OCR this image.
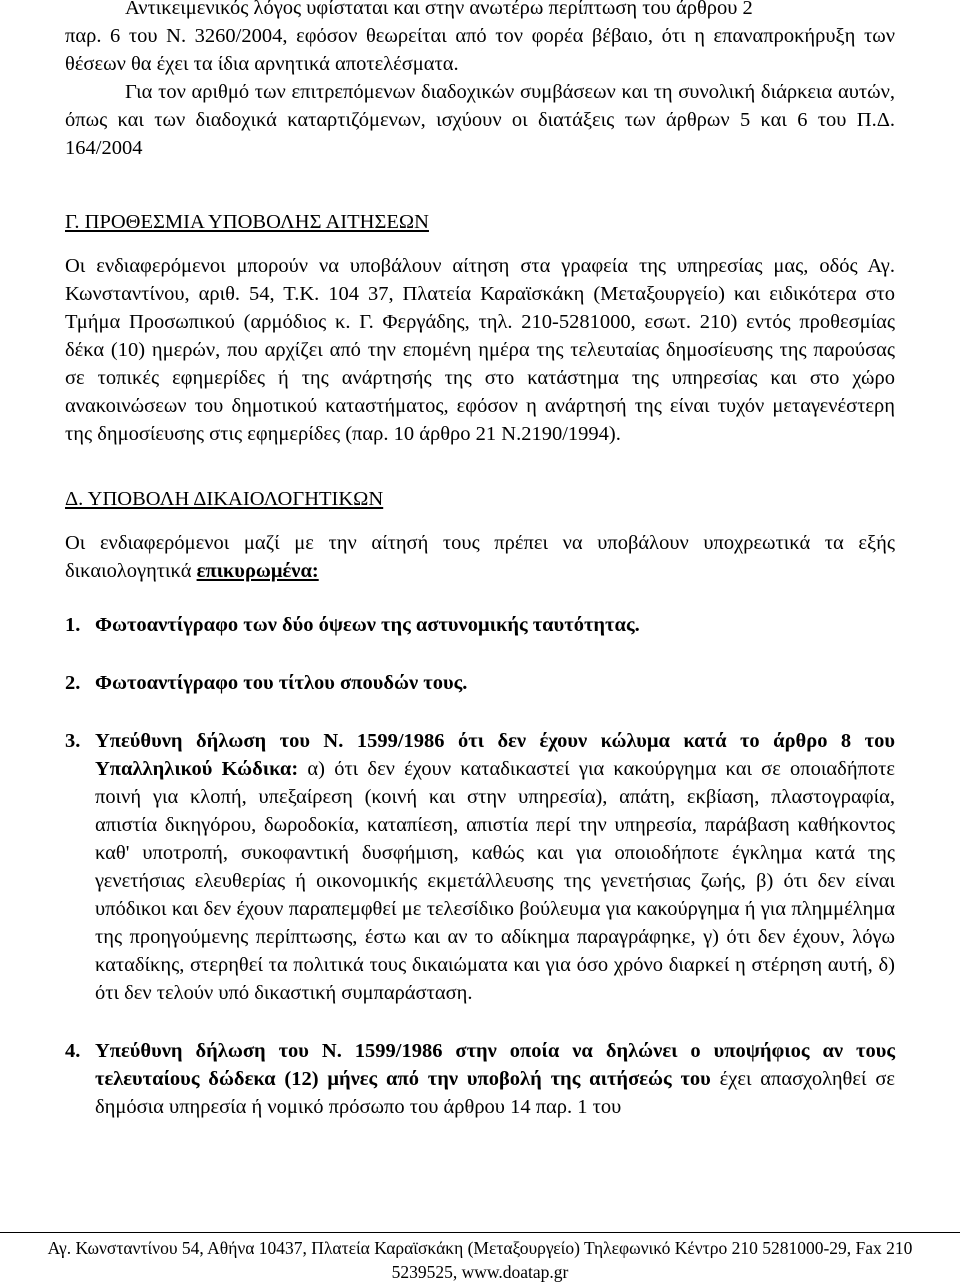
Αντικειμενικός λόγος υφίσταται και στην ανωτέρω περίπτωση του άρθρου 2

παρ. 6 του Ν. 3260/2004, εφόσον θεωρείται από τον φορέα βέβαιο, ότι η επαναπροκήρυξη των θέσεων θα έχει τα ίδια αρνητικά αποτελέσματα.

Για τον αριθμό των επιτρεπόμενων διαδοχικών συμβάσεων και τη συνολική διάρκεια αυτών, όπως και των διαδοχικά καταρτιζόμενων, ισχύουν οι διατάξεις των άρθρων 5 και 6 του Π.Δ. 164/2004

Γ. ΠΡΟΘΕΣΜΙΑ ΥΠΟΒΟΛΗΣ ΑΙΤΗΣΕΩΝ

Οι ενδιαφερόμενοι μπορούν να υποβάλουν αίτηση στα γραφεία της υπηρεσίας μας, οδός Αγ. Κωνσταντίνου, αριθ. 54, Τ.Κ. 104 37, Πλατεία Καραϊσκάκη (Μεταξουργείο) και ειδικότερα στο Τμήμα Προσωπικού (αρμόδιος κ. Γ. Φεργάδης, τηλ. 210-5281000, εσωτ. 210) εντός προθεσμίας δέκα (10) ημερών, που αρχίζει από την επομένη ημέρα της τελευταίας δημοσίευσης της παρούσας σε τοπικές εφημερίδες ή της ανάρτησής της στο κατάστημα της υπηρεσίας και στο χώρο ανακοινώσεων του δημοτικού καταστήματος, εφόσον η ανάρτησή της είναι τυχόν μεταγενέστερη της δημοσίευσης στις εφημερίδες (παρ. 10 άρθρο 21 Ν.2190/1994).

Δ. ΥΠΟΒΟΛΗ ΔΙΚΑΙΟΛΟΓΗΤΙΚΩΝ

Οι ενδιαφερόμενοι μαζί με την αίτησή τους πρέπει να υποβάλουν υποχρεωτικά τα εξής δικαιολογητικά επικυρωμένα:

1. Φωτοαντίγραφο των δύο όψεων της αστυνομικής ταυτότητας.
2. Φωτοαντίγραφο του τίτλου σπουδών τους.
3. Υπεύθυνη δήλωση του Ν. 1599/1986 ότι δεν έχουν κώλυμα κατά το άρθρο 8 του Υπαλληλικού Κώδικα: α) ότι δεν έχουν καταδικαστεί για κακούργημα και σε οποιαδήποτε ποινή για κλοπή, υπεξαίρεση (κοινή και στην υπηρεσία), απάτη, εκβίαση, πλαστογραφία, απιστία δικηγόρου, δωροδοκία, καταπίεση, απιστία περί την υπηρεσία, παράβαση καθήκοντος καθ' υποτροπή, συκοφαντική δυσφήμιση, καθώς και για οποιοδήποτε έγκλημα κατά της γενετήσιας ελευθερίας ή οικονομικής εκμετάλλευσης της γενετήσιας ζωής, β) ότι δεν είναι υπόδικοι και δεν έχουν παραπεμφθεί με τελεσίδικο βούλευμα για κακούργημα ή για πλημμέλημα της προηγούμενης περίπτωσης, έστω και αν το αδίκημα παραγράφηκε, γ) ότι δεν έχουν, λόγω καταδίκης, στερηθεί τα πολιτικά τους δικαιώματα και για όσο χρόνο διαρκεί η στέρηση αυτή, δ) ότι δεν τελούν υπό δικαστική συμπαράσταση.
4. Υπεύθυνη δήλωση του Ν. 1599/1986 στην οποία να δηλώνει ο υποψήφιος αν τους τελευταίους δώδεκα (12) μήνες από την υποβολή της αιτήσεώς του έχει απασχοληθεί σε δημόσια υπηρεσία ή νομικό πρόσωπο του άρθρου 14 παρ. 1 του
Αγ. Κωνσταντίνου 54, Αθήνα 10437, Πλατεία Καραϊσκάκη (Μεταξουργείο) Τηλεφωνικό Κέντρο 210 5281000-29, Fax 210
5239525, www.doatap.gr
